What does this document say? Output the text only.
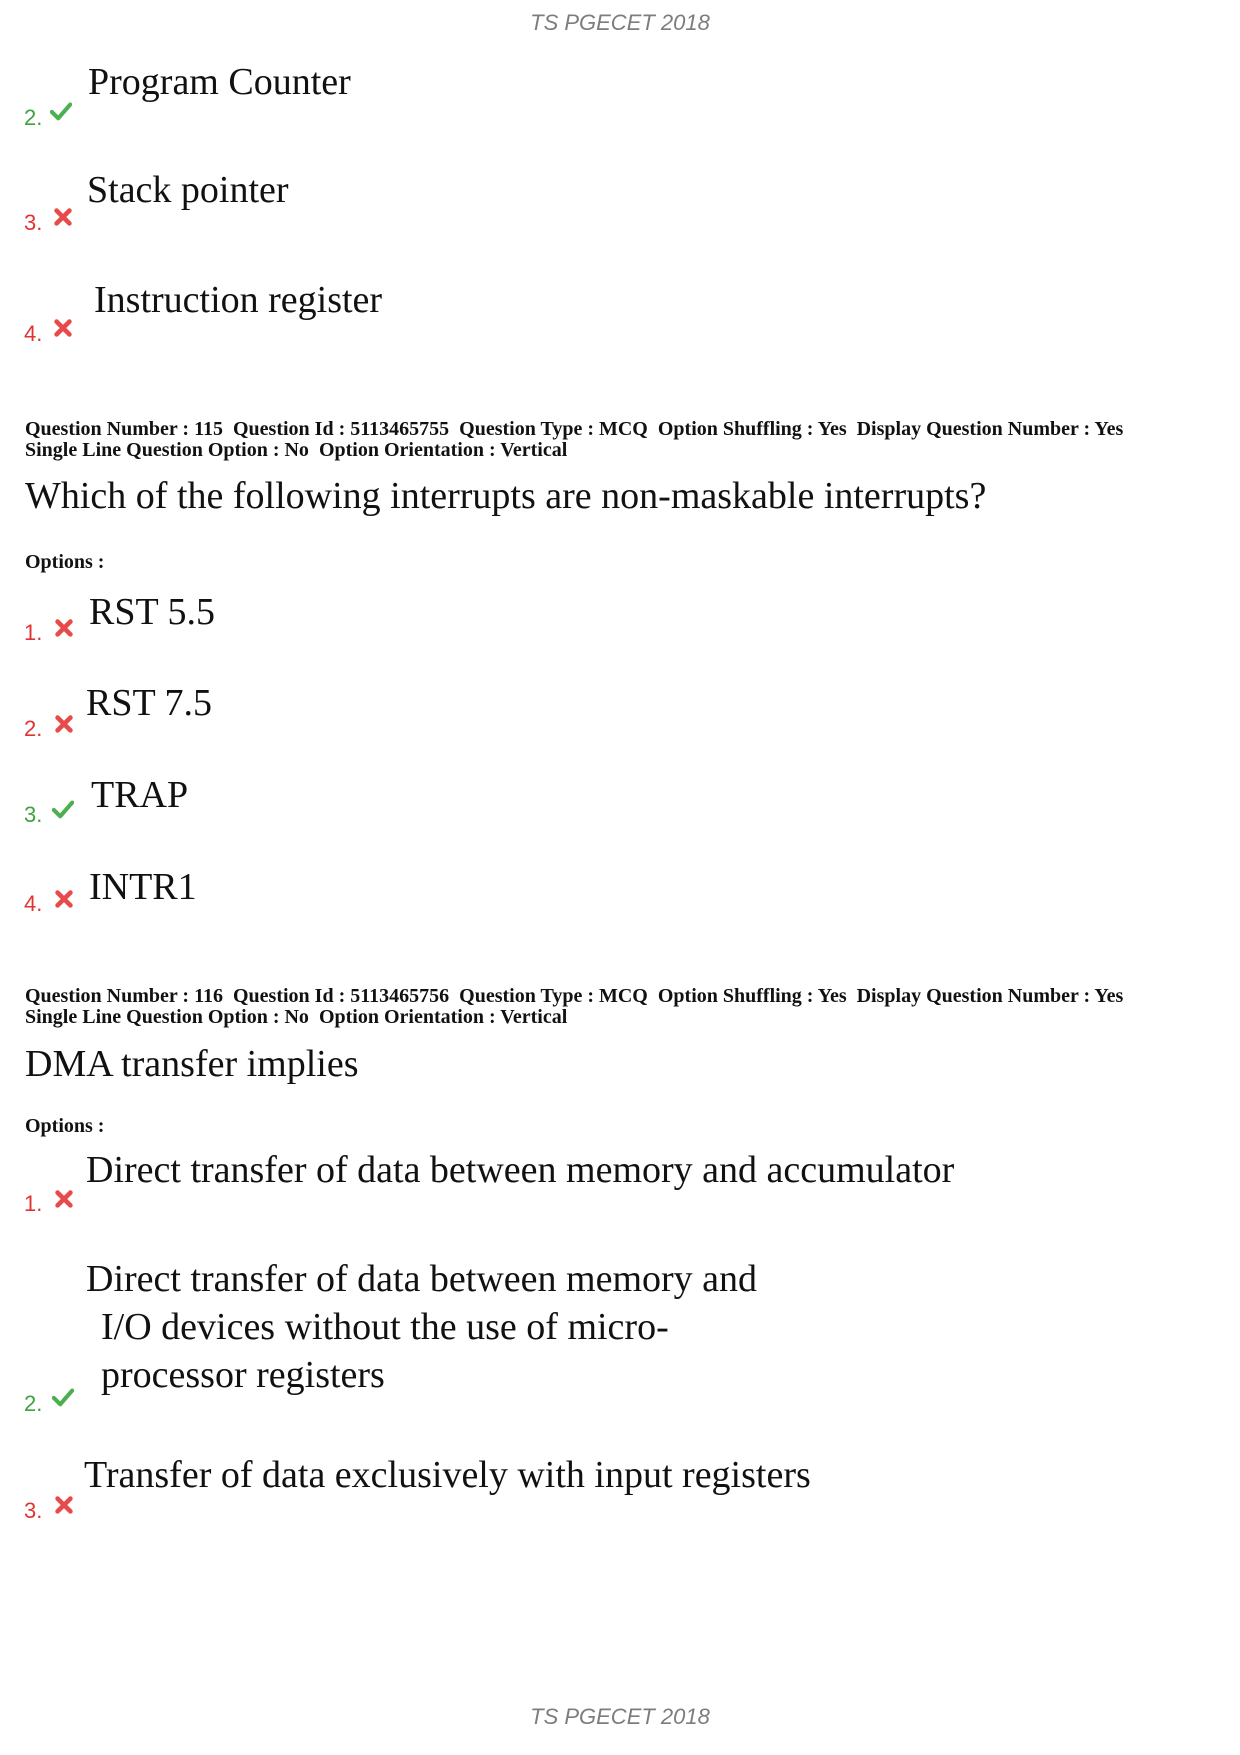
TS PGECET 2018
2.
Program Counter
3.
Stack pointer
4.
Instruction register
Question Number : 115 Question Id : 5113465755 Question Type : MCQ Option Shuffling : Yes Display Question Number : Yes
Single Line Question Option : No Option Orientation : Vertical
Which of the following interrupts are non-maskable interrupts?
Options :
1. RST 5.5
2.
RST 7.5
3. TRAP
4. INTR1
Question Number : 116 Question Id : 5113465756 Question Type : MCQ Option Shuffling : Yes Display Question Number : Yes
Single Line Question Option : No Option Orientation : Vertical
DMA transfer implies
Options :
1.
Direct transfer of data between memory and accumulator
2.
Direct transfer of data between memory and
I/O devices without the use of micro-
processor registers
3.
Transfer of data exclusively with input registers
TS PGECET 2018
